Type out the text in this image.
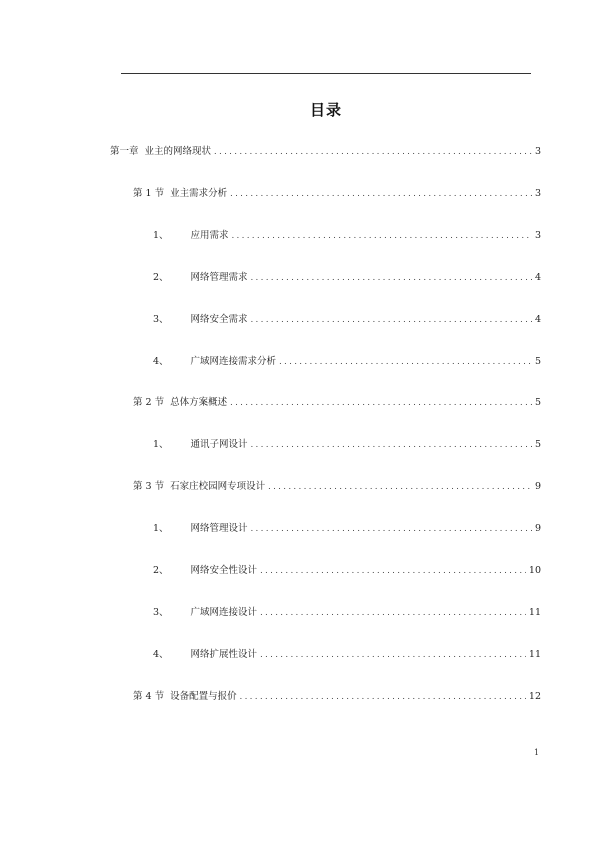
目录
第一章 业主的网络现状 . . .	3
第 1 节 业主需求分析 . . .	3
1、 应用需求 . . .	3
2、 网络管理需求 . . .	4
3、 网络安全需求 . . .	4
4、 广域网连接需求分析 . . .	5
第 2 节 总体方案概述 . . .	5
1、 通讯子网设计 . . .	5
第 3 节 石家庄校园网专项设计 . . .	9
1、 网络管理设计 . . .	9
2、 网络安全性设计 . . .	10
3、 广域网连接设计 . . .	11
4、 网络扩展性设计 . . .	11
第 4 节 设备配置与报价 . . .	12
1
